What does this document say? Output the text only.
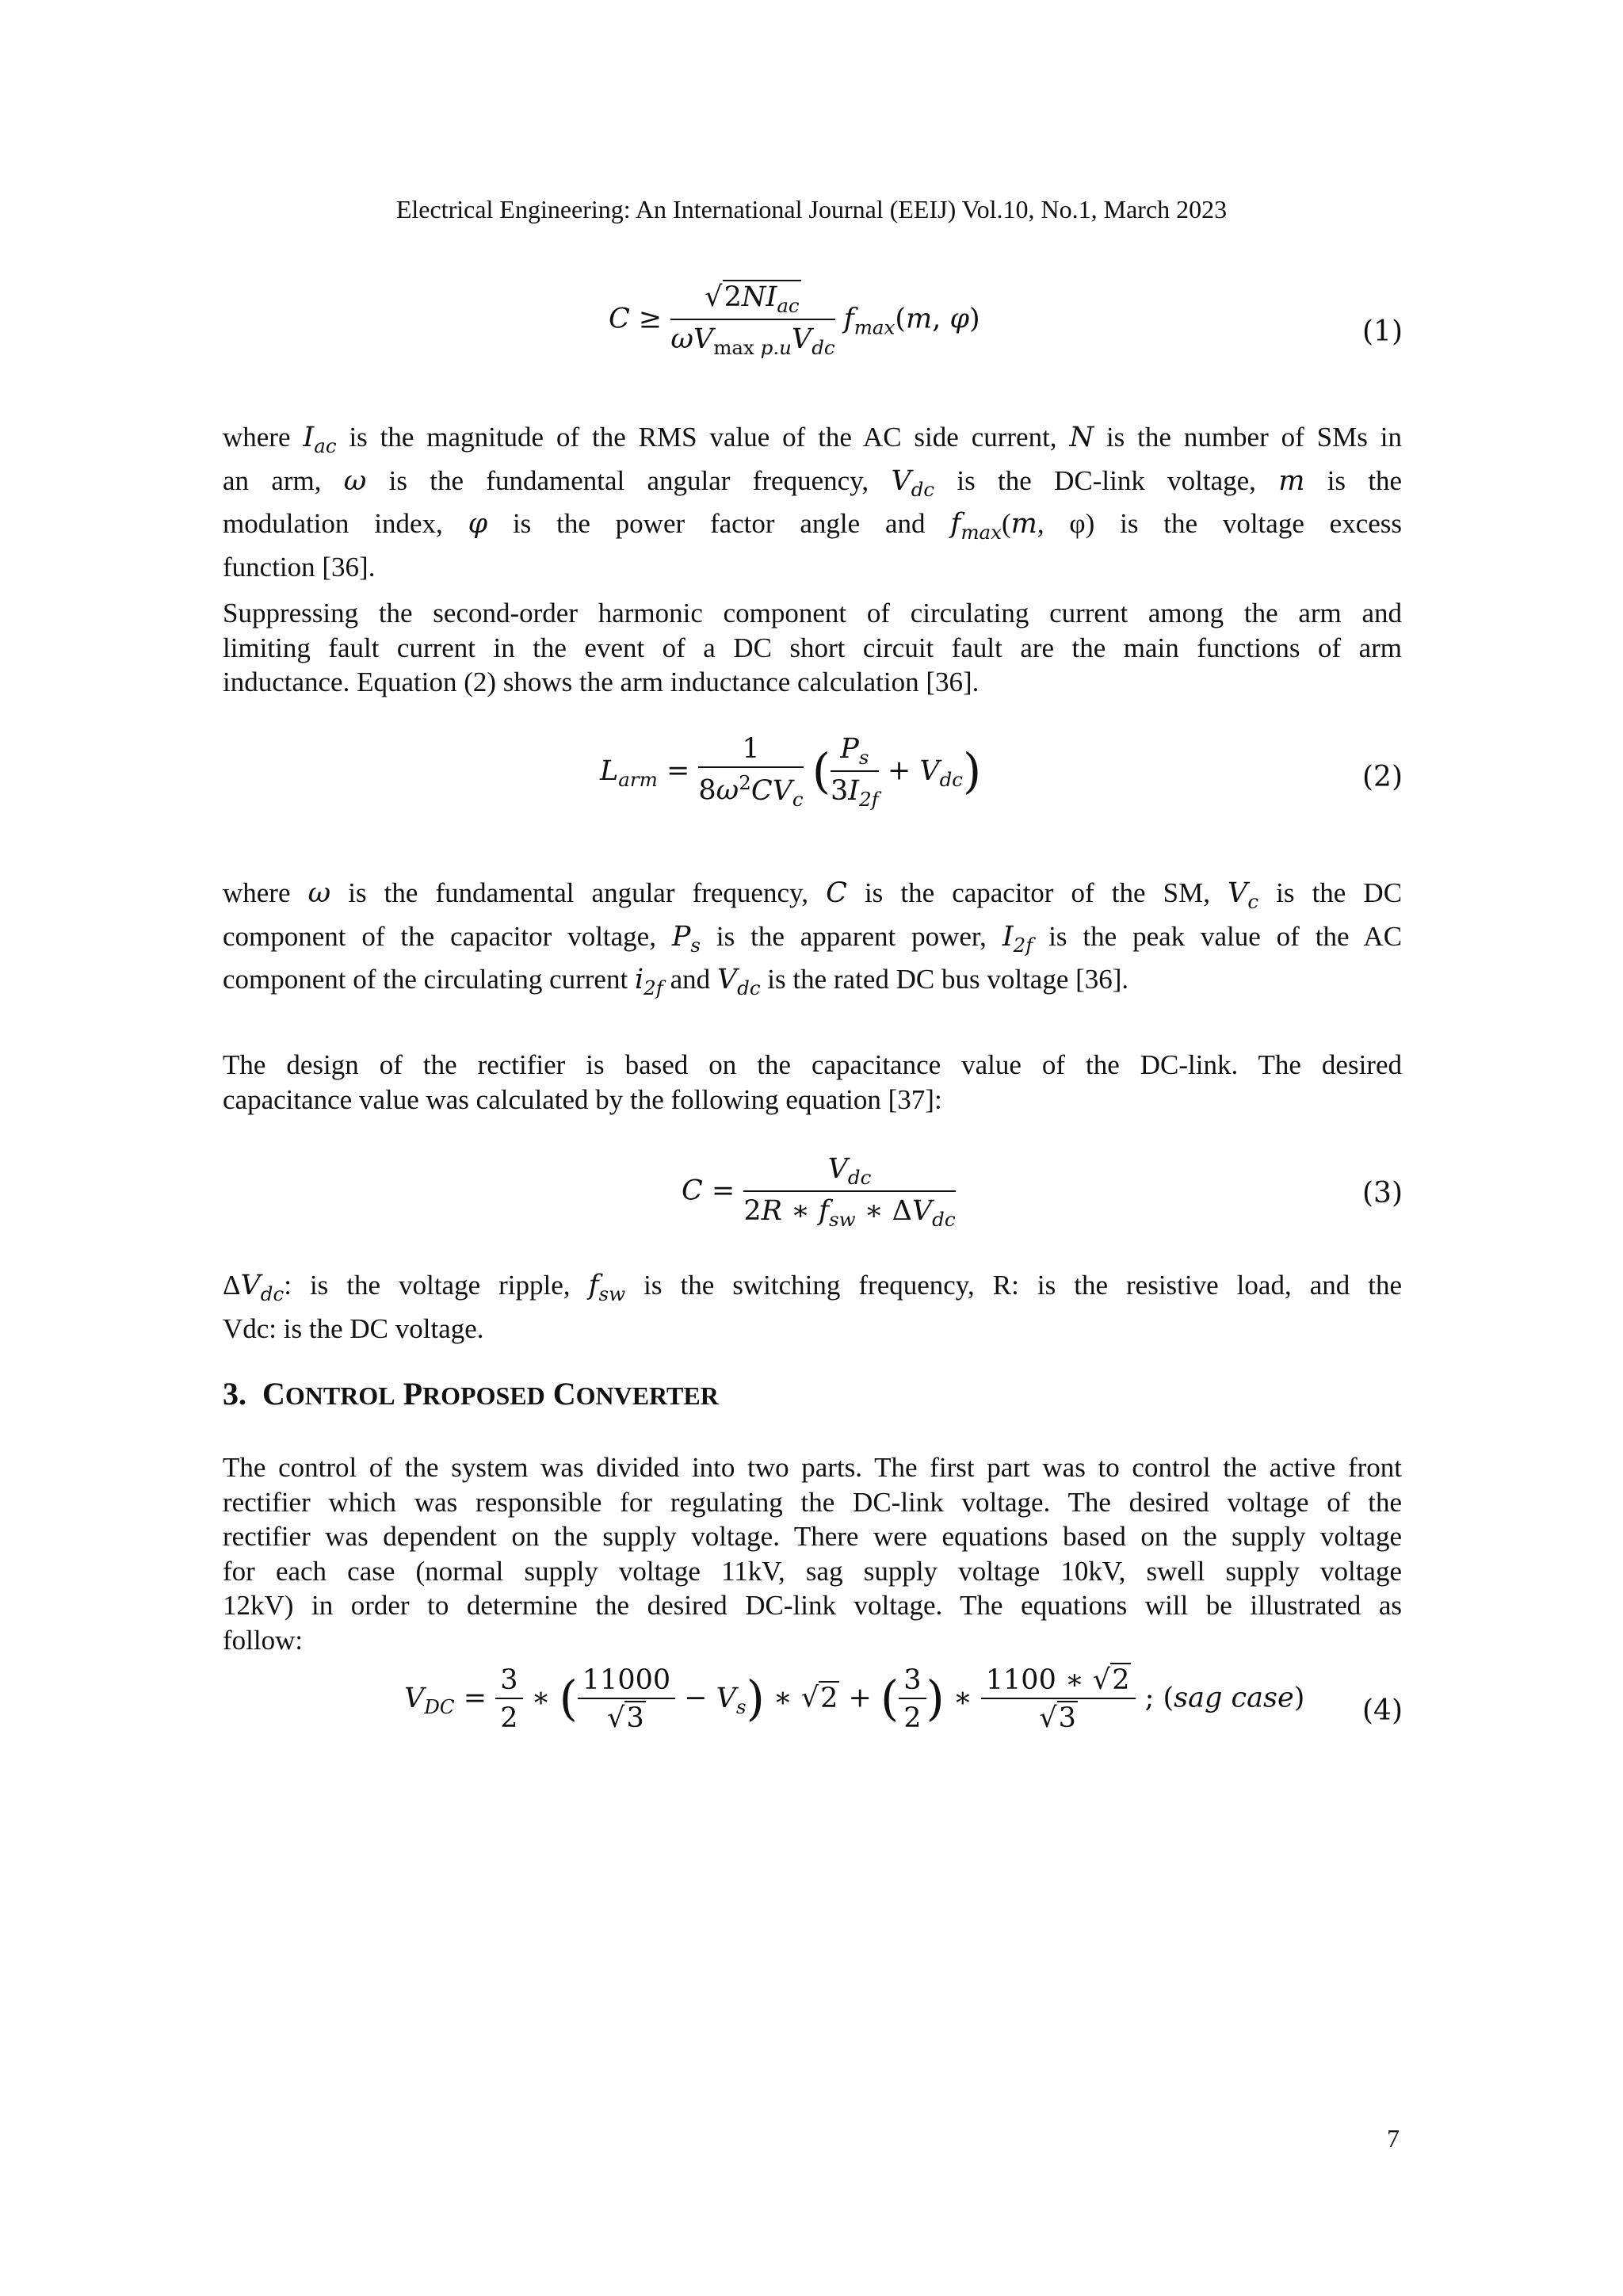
Electrical Engineering: An International Journal (EEIJ) Vol.10, No.1, March 2023
$C \ge \frac{√2NI_{ac}}{\omega V_{max p.u}V_{dc}} f_{max}(m$, φ)	(1)
where $I_{ac}$ is the magnitude of the RMS value of the AC side current, N is the number of SMs in
an arm, ω is the fundamental angular frequency, $V_{dc}$ is the DC-link voltage, m is the
modulation index, φ is the power factor angle and $f_{max}(m$, φ) is the voltage excess
function [36].
Suppressing the second-order harmonic component of circulating current among the arm and
limiting fault current in the event of a DC short circuit fault are the main functions of arm
inductance. Equation (2) shows the arm inductance calculation [36].
$L_{arm} = \frac{1}{8\omega^2CV_c}$ ( $\frac{P_s}{3I_{2f}} + V_{dc}$)	(2)
where ω is the fundamental angular frequency, C is the capacitor of the SM, $V_c$ is the DC
component of the capacitor voltage, $P_s$ is the apparent power, $I_{2f}$ is the peak value of the AC
component of the circulating current $i_{2f}$ and $V_{dc}$ is the rated DC bus voltage [36].
The design of the rectifier is based on the capacitance value of the DC-link. The desired
capacitance value was calculated by the following equation [37]:
$C = \frac{V_{dc}}{2R ∗ f_{sw} ∗ \Delta V_{dc}}$	(3)
$\Delta V_{dc}$: is the voltage ripple, $f_{sw}$ is the switching frequency, R: is the resistive load, and the
Vdc: is the DC voltage.
3. CONTROL PROPOSED CONVERTER
The control of the system was divided into two parts. The first part was to control the active front
rectifier which was responsible for regulating the DC-link voltage. The desired voltage of the
rectifier was dependent on the supply voltage. There were equations based on the supply voltage
for each case (normal supply voltage 11kV, sag supply voltage 10kV, swell supply voltage
12kV) in order to determine the desired DC-link voltage. The equations will be illustrated as
follow:
$V_{DC} = \frac{3}{2}$ ∗ ( $\frac{11000}{√3} - V_s$) ∗ √2 + ( $\frac{3}{2}$ ) ∗ $\frac{1100 ∗ √2}{√3}$ ; (sag case) (4)
7
